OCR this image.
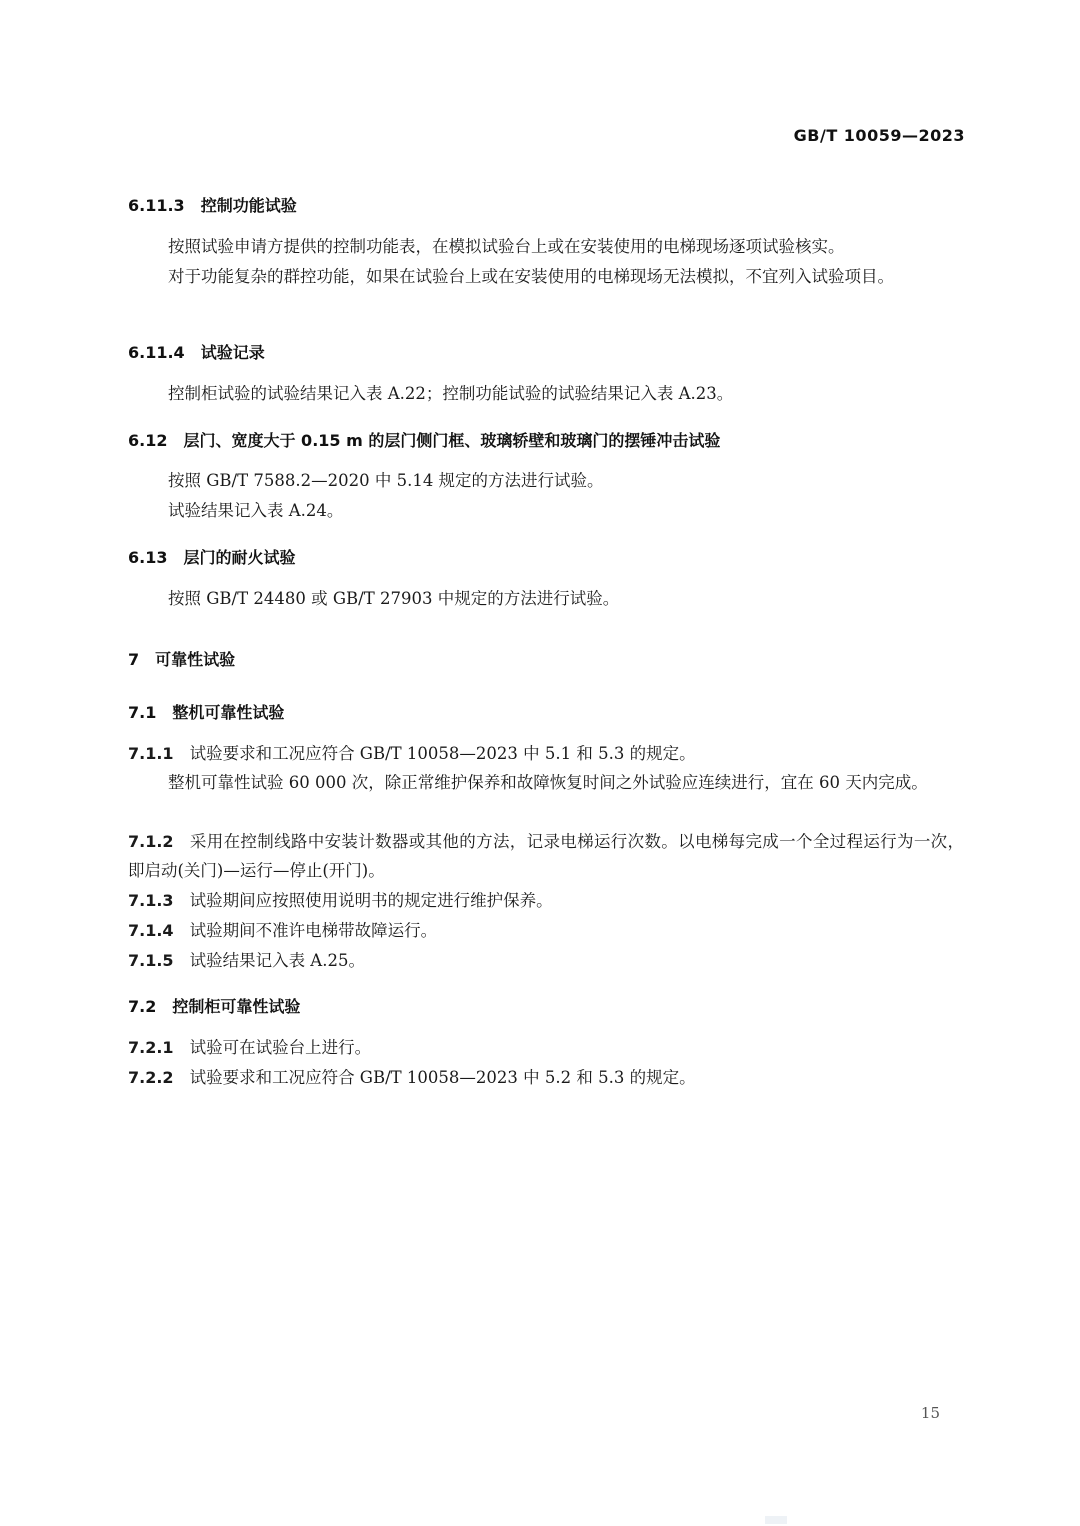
GB/T 10059—2023
6.11.3 控制功能试验
按照试验申请方提供的控制功能表，在模拟试验台上或在安装使用的电梯现场逐项试验核实。
对于功能复杂的群控功能，如果在试验台上或在安装使用的电梯现场无法模拟，不宜列入试验项目。
6.11.4 试验记录
控制柜试验的试验结果记入表 A.22；控制功能试验的试验结果记入表 A.23。
6.12 层门、宽度大于 0.15 m 的层门侧门框、玻璃轿壁和玻璃门的摆锤冲击试验
按照 GB/T 7588.2—2020 中 5.14 规定的方法进行试验。
试验结果记入表 A.24。
6.13 层门的耐火试验
按照 GB/T 24480 或 GB/T 27903 中规定的方法进行试验。
7 可靠性试验
7.1 整机可靠性试验
7.1.1 试验要求和工况应符合 GB/T 10058—2023 中 5.1 和 5.3 的规定。
整机可靠性试验 60 000 次，除正常维护保养和故障恢复时间之外试验应连续进行，宜在 60 天内完成。
7.1.2 采用在控制线路中安装计数器或其他的方法，记录电梯运行次数。以电梯每完成一个全过程运行为一次，即启动(关门)—运行—停止(开门)。
7.1.3 试验期间应按照使用说明书的规定进行维护保养。
7.1.4 试验期间不准许电梯带故障运行。
7.1.5 试验结果记入表 A.25。
7.2 控制柜可靠性试验
7.2.1 试验可在试验台上进行。
7.2.2 试验要求和工况应符合 GB/T 10058—2023 中 5.2 和 5.3 的规定。
15
